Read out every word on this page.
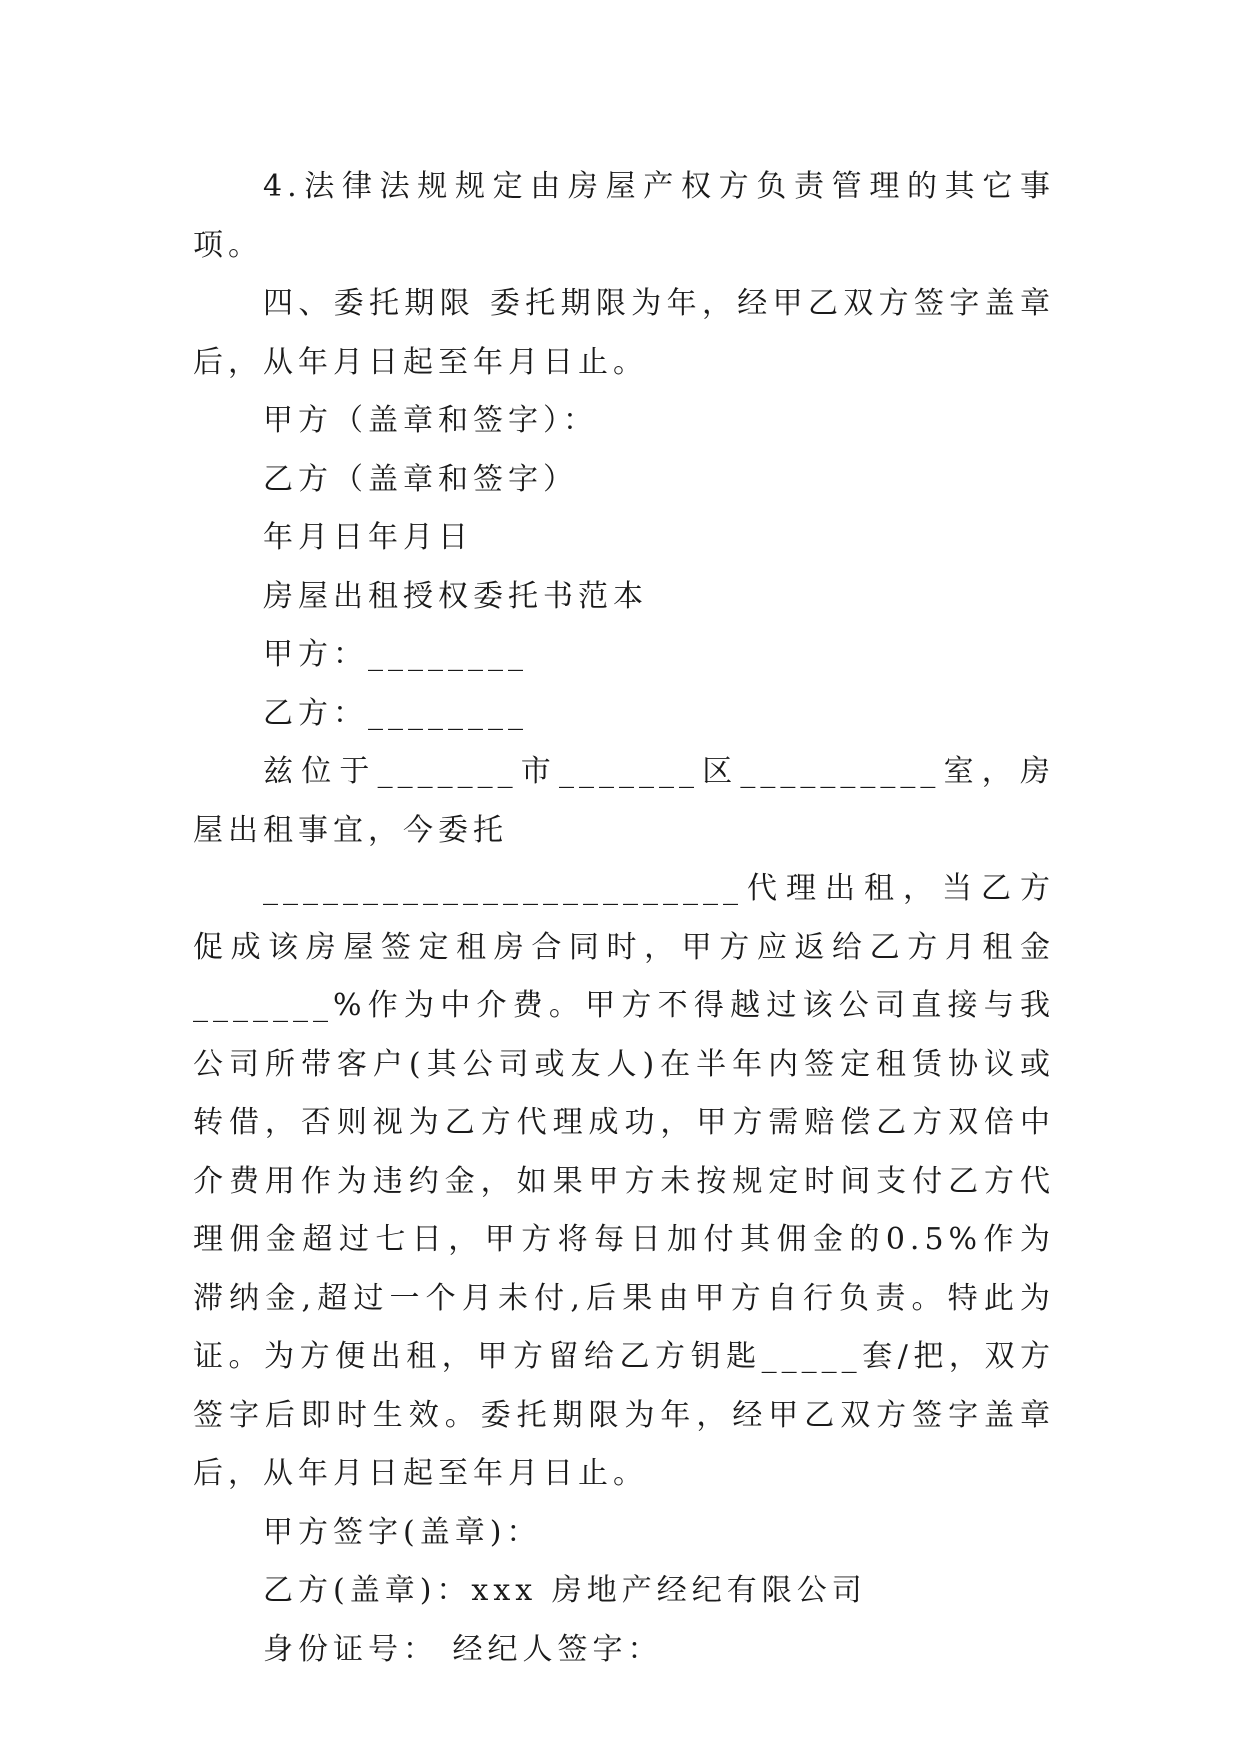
4.法律法规规定由房屋产权方负责管理的其它事项。

四、委托期限 委托期限为年，经甲乙双方签字盖章后，从年月日起至年月日止。

甲方（盖章和签字）：

乙方（盖章和签字）

年月日年月日

房屋出租授权委托书范本

甲方：________

乙方：________

兹位于_______市_______区__________室，房屋出租事宜，今委托

________________________代理出租，当乙方促成该房屋签定租房合同时，甲方应返给乙方月租金_______%作为中介费。甲方不得越过该公司直接与我公司所带客户(其公司或友人)在半年内签定租赁协议或转借，否则视为乙方代理成功，甲方需赔偿乙方双倍中介费用作为违约金，如果甲方未按规定时间支付乙方代理佣金超过七日，甲方将每日加付其佣金的0.5%作为滞纳金,超过一个月未付,后果由甲方自行负责。特此为证。为方便出租，甲方留给乙方钥匙_____套/把，双方签字后即时生效。委托期限为年，经甲乙双方签字盖章后，从年月日起至年月日止。

甲方签字(盖章)：

乙方(盖章)：xxx 房地产经纪有限公司

身份证号： 经纪人签字：
